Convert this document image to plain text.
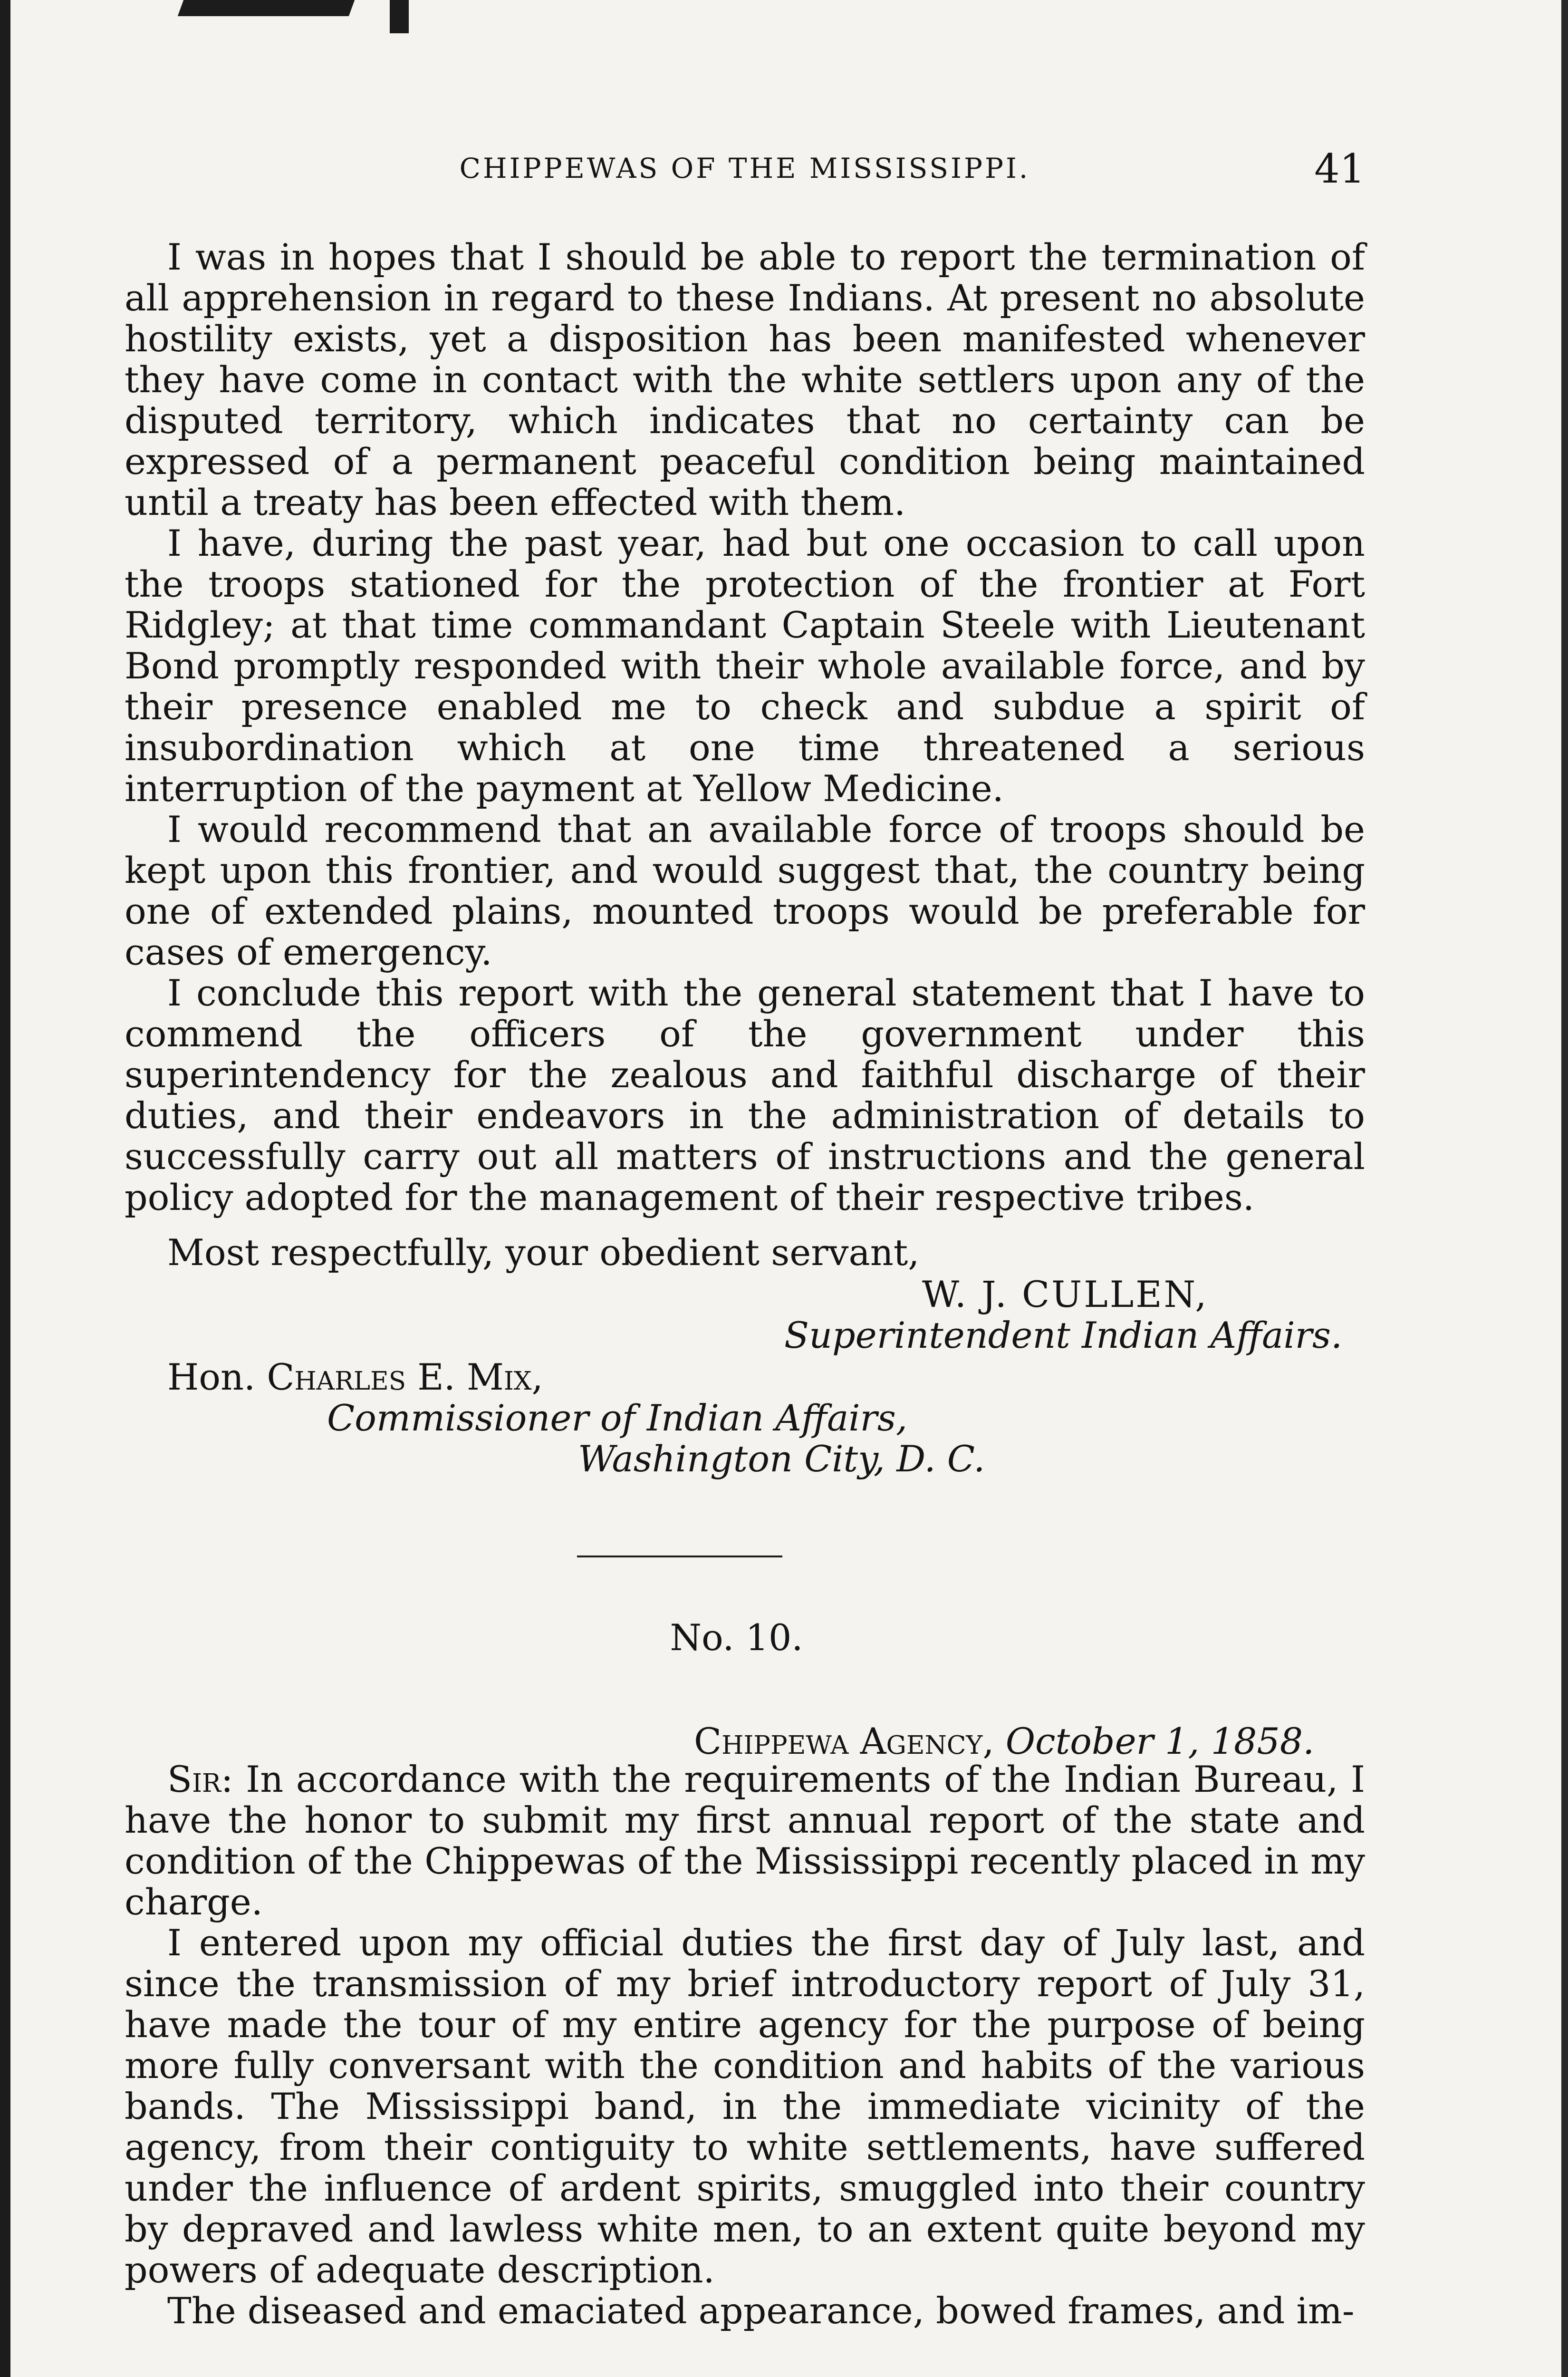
CHIPPEWAS OF THE MISSISSIPPI.	41

I was in hopes that I should be able to report the termination of all apprehension in regard to these Indians. At present no absolute hostility exists, yet a disposition has been manifested whenever they have come in contact with the white settlers upon any of the disputed territory, which indicates that no certainty can be expressed of a permanent peaceful condition being maintained until a treaty has been effected with them.

I have, during the past year, had but one occasion to call upon the troops stationed for the protection of the frontier at Fort Ridgley; at that time commandant Captain Steele with Lieutenant Bond promptly responded with their whole available force, and by their presence enabled me to check and subdue a spirit of insubordination which at one time threatened a serious interruption of the payment at Yellow Medicine.

I would recommend that an available force of troops should be kept upon this frontier, and would suggest that, the country being one of extended plains, mounted troops would be preferable for cases of emergency.

I conclude this report with the general statement that I have to commend the officers of the government under this superintendency for the zealous and faithful discharge of their duties, and their endeavors in the administration of details to successfully carry out all matters of instructions and the general policy adopted for the management of their respective tribes.

Most respectfully, your obedient servant,
W. J. CULLEN,
Superintendent Indian Affairs.
Hon. Charles E. Mix,
Commissioner of Indian Affairs,
Washington City, D. C.
No. 10.
Chippewa Agency, October 1, 1858.

Sir: In accordance with the requirements of the Indian Bureau, I have the honor to submit my first annual report of the state and condition of the Chippewas of the Mississippi recently placed in my charge.

I entered upon my official duties the first day of July last, and since the transmission of my brief introductory report of July 31, have made the tour of my entire agency for the purpose of being more fully conversant with the condition and habits of the various bands. The Mississippi band, in the immediate vicinity of the agency, from their contiguity to white settlements, have suffered under the influence of ardent spirits, smuggled into their country by depraved and lawless white men, to an extent quite beyond my powers of adequate description.

The diseased and emaciated appearance, bowed frames, and im-
